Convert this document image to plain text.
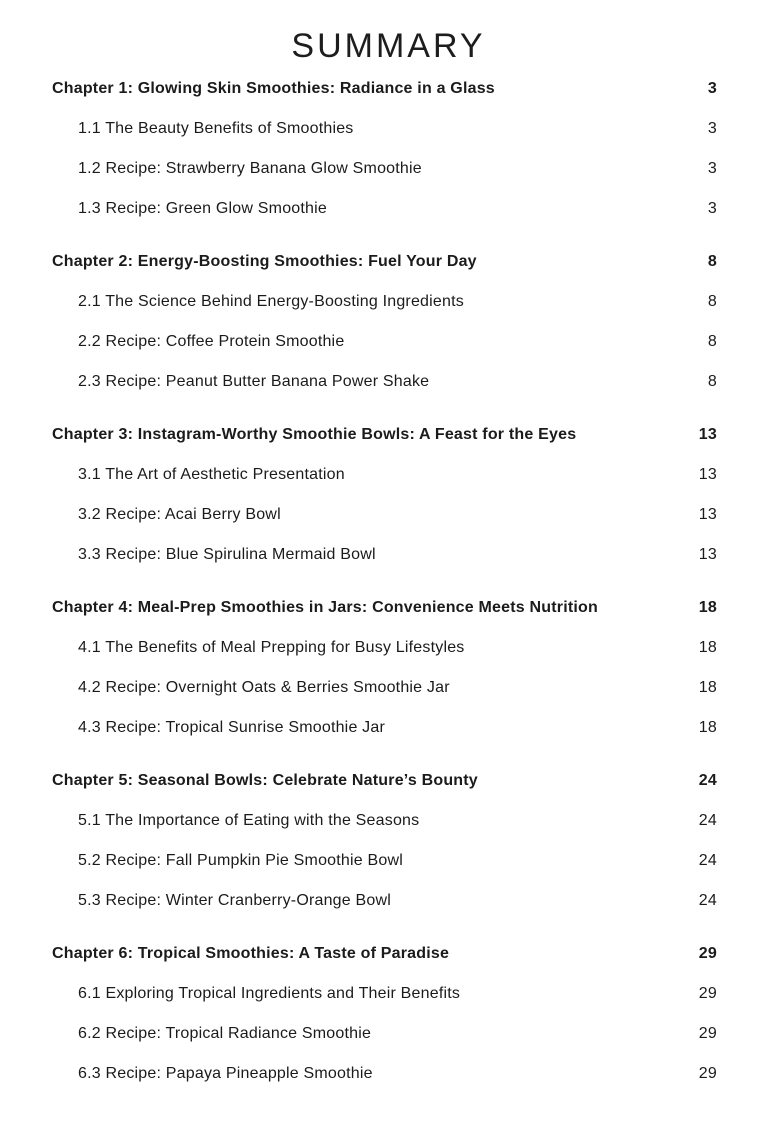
SUMMARY
Chapter 1: Glowing Skin Smoothies: Radiance in a Glass	3
1.1 The Beauty Benefits of Smoothies	3
1.2 Recipe: Strawberry Banana Glow Smoothie	3
1.3 Recipe: Green Glow Smoothie	3
Chapter 2: Energy-Boosting Smoothies: Fuel Your Day	8
2.1 The Science Behind Energy-Boosting Ingredients	8
2.2 Recipe: Coffee Protein Smoothie	8
2.3 Recipe: Peanut Butter Banana Power Shake	8
Chapter 3: Instagram-Worthy Smoothie Bowls: A Feast for the Eyes	13
3.1 The Art of Aesthetic Presentation	13
3.2 Recipe: Acai Berry Bowl	13
3.3 Recipe: Blue Spirulina Mermaid Bowl	13
Chapter 4: Meal-Prep Smoothies in Jars: Convenience Meets Nutrition	18
4.1 The Benefits of Meal Prepping for Busy Lifestyles	18
4.2 Recipe: Overnight Oats & Berries Smoothie Jar	18
4.3 Recipe: Tropical Sunrise Smoothie Jar	18
Chapter 5: Seasonal Bowls: Celebrate Nature’s Bounty	24
5.1 The Importance of Eating with the Seasons	24
5.2 Recipe: Fall Pumpkin Pie Smoothie Bowl	24
5.3 Recipe: Winter Cranberry-Orange Bowl	24
Chapter 6: Tropical Smoothies: A Taste of Paradise	29
6.1 Exploring Tropical Ingredients and Their Benefits	29
6.2 Recipe: Tropical Radiance Smoothie	29
6.3 Recipe: Papaya Pineapple Smoothie	29
